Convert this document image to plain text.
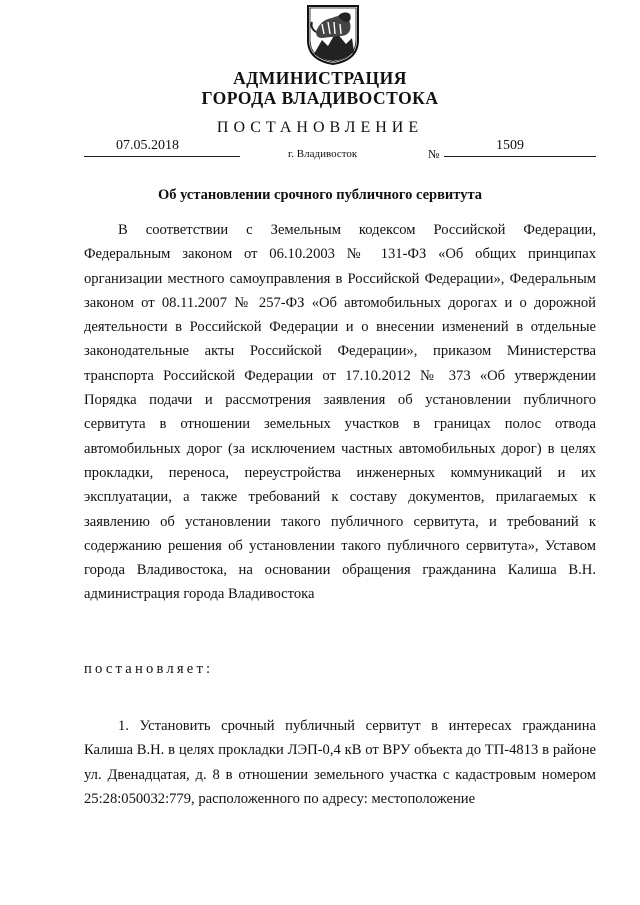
АДМИНИСТРАЦИЯ
ГОРОДА ВЛАДИВОСТОКА
ПОСТАНОВЛЕНИЕ
07.05.2018
г. Владивосток	№
1509
Об установлении срочного публичного сервитута

В соответствии с Земельным кодексом Российской Федерации, Федеральным законом от 06.10.2003 № 131-ФЗ «Об общих принципах организации местного самоуправления в Российской Федерации», Федеральным законом от 08.11.2007 № 257-ФЗ «Об автомобильных дорогах и о дорожной деятельности в Российской Федерации и о внесении изменений в отдельные законодательные акты Российской Федерации», приказом Министерства транспорта Российской Федерации от 17.10.2012 № 373 «Об утверждении Порядка подачи и рассмотрения заявления об установлении публичного сервитута в отношении земельных участков в границах полос отвода автомобильных дорог (за исключением частных автомобильных дорог) в целях прокладки, переноса, переустройства инженерных коммуникаций и их эксплуатации, а также требований к составу документов, прилагаемых к заявлению об установлении такого публичного сервитута, и требований к содержанию решения об установлении такого публичного сервитута», Уставом города Владивостока, на основании обращения гражданина Калиша В.Н. администрация города Владивостока

постановляет:

1. Установить срочный публичный сервитут в интересах гражданина Калиша В.Н. в целях прокладки ЛЭП-0,4 кВ от ВРУ объекта до ТП-4813 в районе ул. Двенадцатая, д. 8 в отношении земельного участка с кадастровым номером 25:28:050032:779, расположенного по адресу: местоположение
